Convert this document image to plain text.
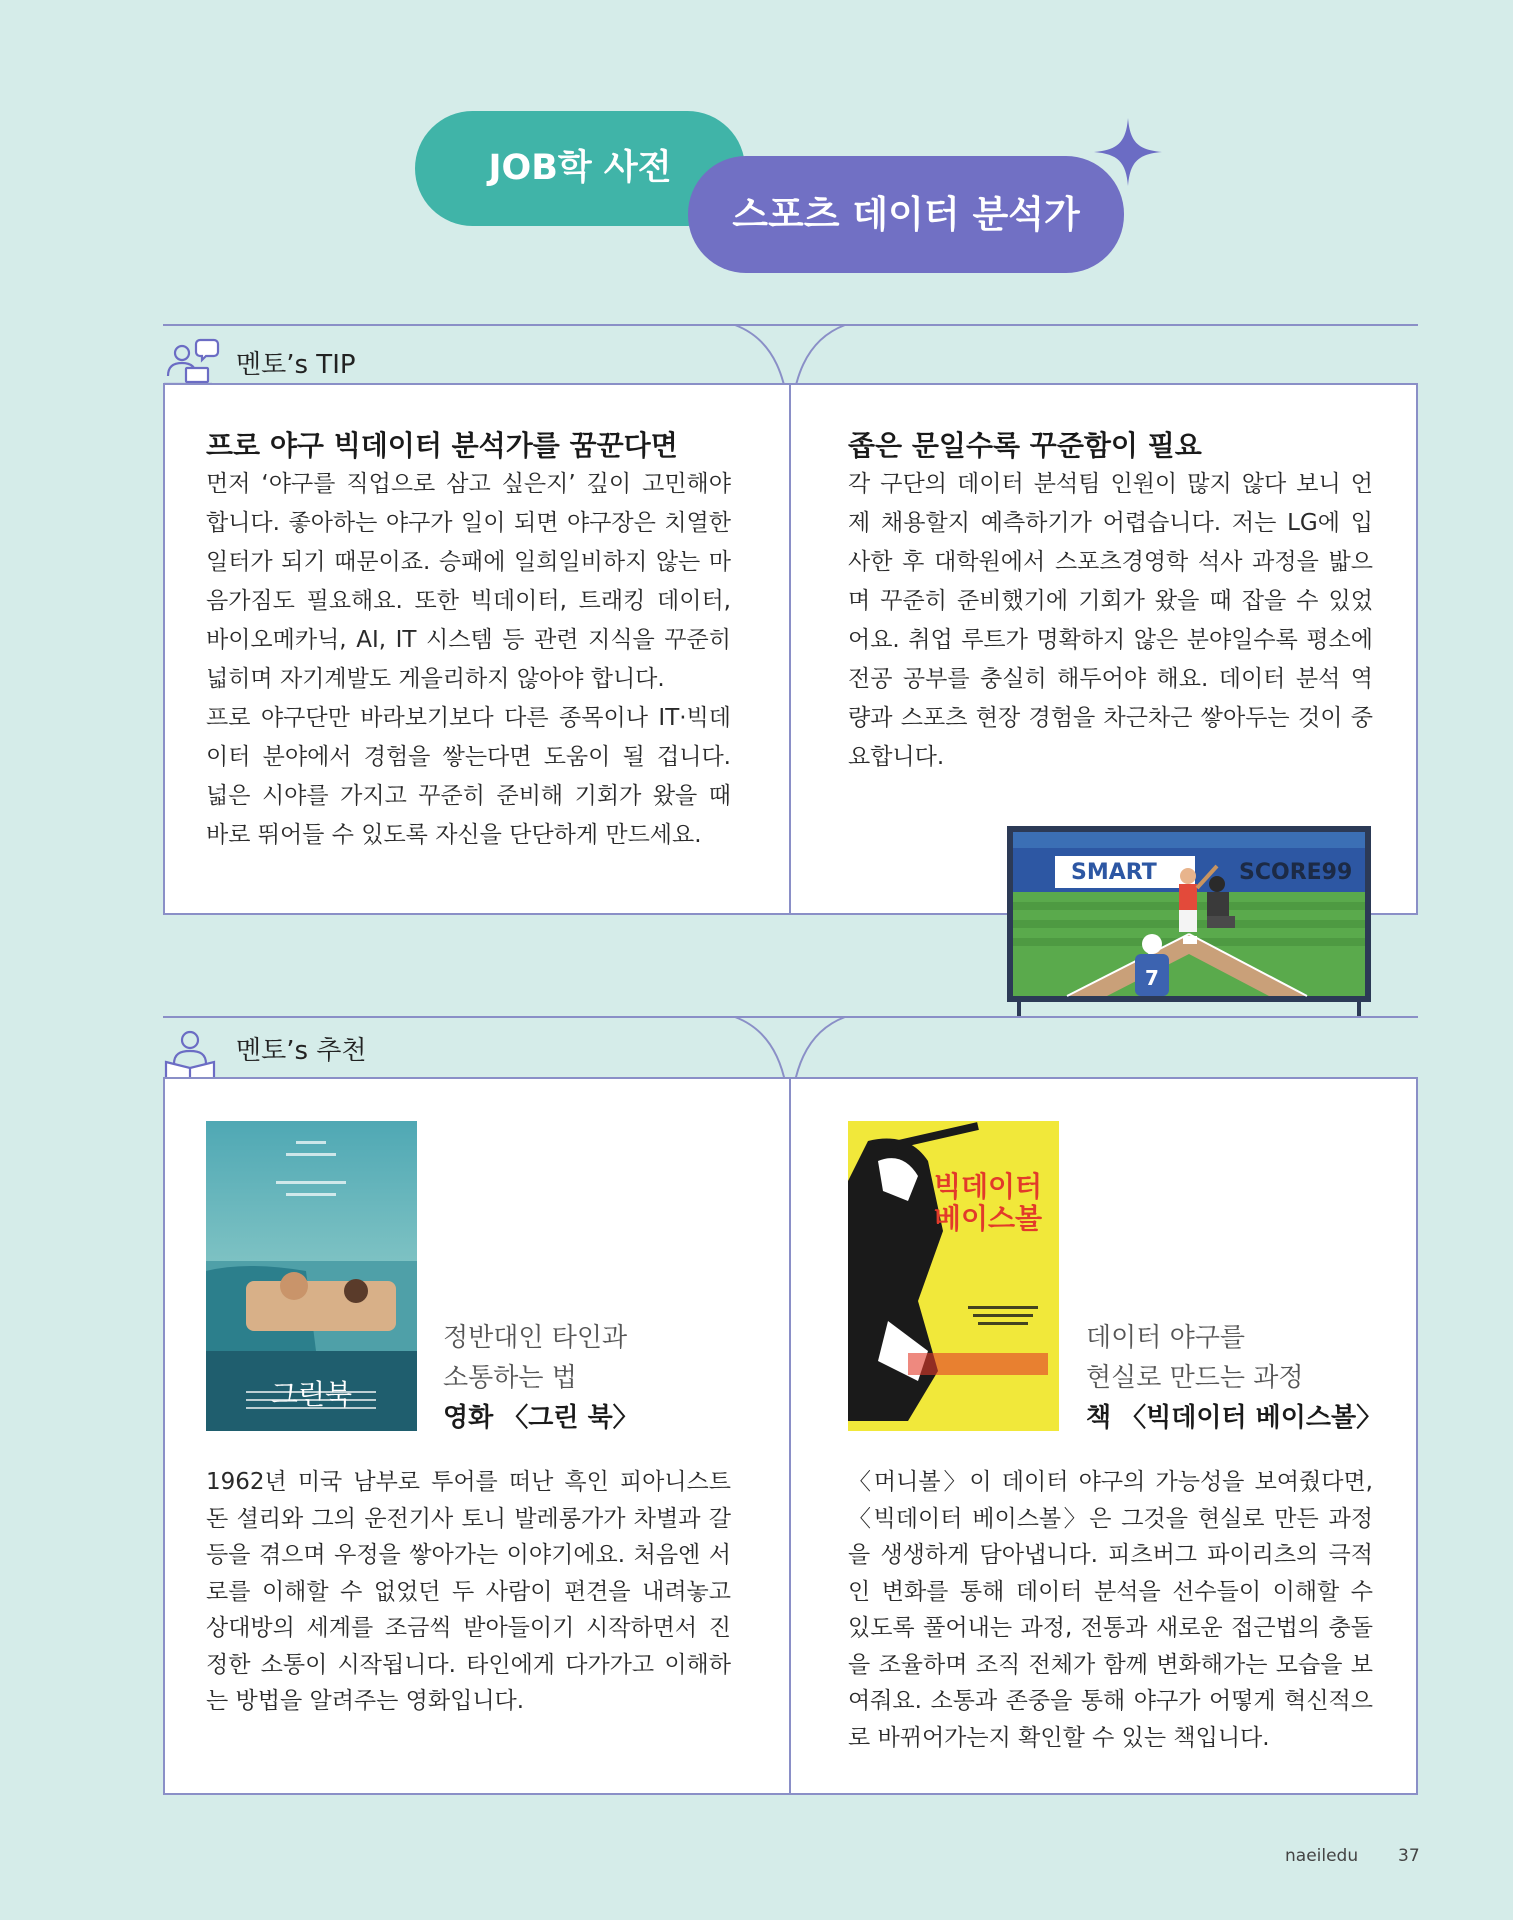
JOB학 사전
스포츠 데이터 분석가
멘토’s TIP
프로 야구 빅데이터 분석가를 꿈꾼다면

먼저 ‘야구를 직업으로 삼고 싶은지’ 깊이 고민해야 합니다. 좋아하는 야구가 일이 되면 야구장은 치열한 일터가 되기 때문이죠. 승패에 일희일비하지 않는 마음가짐도 필요해요. 또한 빅데이터, 트래킹 데이터, 바이오메카닉, AI, IT 시스템 등 관련 지식을 꾸준히 넓히며 자기계발도 게을리하지 않아야 합니다.

프로 야구단만 바라보기보다 다른 종목이나 IT·빅데이터 분야에서 경험을 쌓는다면 도움이 될 겁니다. 넓은 시야를 가지고 꾸준히 준비해 기회가 왔을 때 바로 뛰어들 수 있도록 자신을 단단하게 만드세요.

좁은 문일수록 꾸준함이 필요

각 구단의 데이터 분석팀 인원이 많지 않다 보니 언제 채용할지 예측하기가 어렵습니다. 저는 LG에 입사한 후 대학원에서 스포츠경영학 석사 과정을 밟으며 꾸준히 준비했기에 기회가 왔을 때 잡을 수 있었어요. 취업 루트가 명확하지 않은 분야일수록 평소에 전공 공부를 충실히 해두어야 해요. 데이터 분석 역량과 스포츠 현장 경험을 차근차근 쌓아두는 것이 중요합니다.

SMART	SCORE99
7
멘토’s 추천
그린북
정반대인 타인과
소통하는 법
영화 〈그린 북〉
1962년 미국 남부로 투어를 떠난 흑인 피아니스트 돈 셜리와 그의 운전기사 토니 발레롱가가 차별과 갈등을 겪으며 우정을 쌓아가는 이야기에요. 처음엔 서로를 이해할 수 없었던 두 사람이 편견을 내려놓고 상대방의 세계를 조금씩 받아들이기 시작하면서 진정한 소통이 시작됩니다. 타인에게 다가가고 이해하는 방법을 알려주는 영화입니다.
빅데이터 베이스볼
데이터 야구를
현실로 만드는 과정
책 〈빅데이터 베이스볼〉
〈머니볼〉이 데이터 야구의 가능성을 보여줬다면, 〈빅데이터 베이스볼〉은 그것을 현실로 만든 과정을 생생하게 담아냅니다. 피츠버그 파이리츠의 극적인 변화를 통해 데이터 분석을 선수들이 이해할 수 있도록 풀어내는 과정, 전통과 새로운 접근법의 충돌을 조율하며 조직 전체가 함께 변화해가는 모습을 보여줘요. 소통과 존중을 통해 야구가 어떻게 혁신적으로 바뀌어가는지 확인할 수 있는 책입니다.
naeiledu 37
